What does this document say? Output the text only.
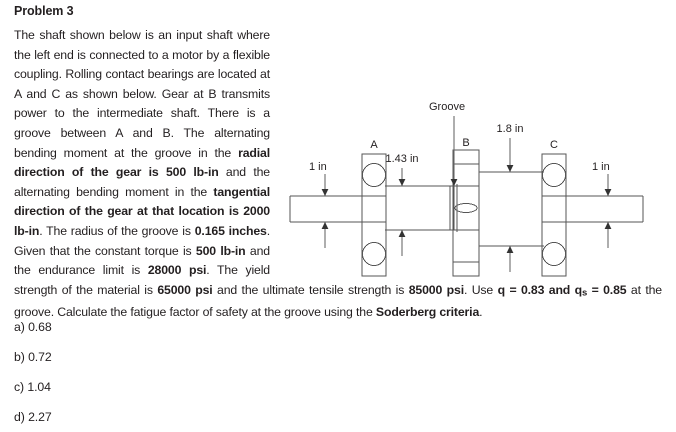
Problem 3
The shaft shown below is an input shaft where the left end is connected to a motor by a flexible coupling. Rolling contact bearings are located at A and C as shown below. Gear at B transmits power to the intermediate shaft. There is a groove between A and B. The alternating bending moment at the groove in the radial direction of the gear is 500 lb-in and the alternating bending moment in the tangential direction of the gear at that location is 2000 lb-in. The radius of the groove is 0.165 inches. Given that the constant torque is 500 lb-in and the endurance limit is 28000 psi. The yield strength of the material is 65000 psi and the ultimate tensile strength is 85000 psi. Use q = 0.83 and qs = 0.85 at the groove. Calculate the fatigue factor of safety at the groove using the Soderberg criteria.
a) 0.68
b) 0.72
c) 1.04
d) 2.27
1 in
A
1.43 in
Groove
B
1.8 in
C
1 in
